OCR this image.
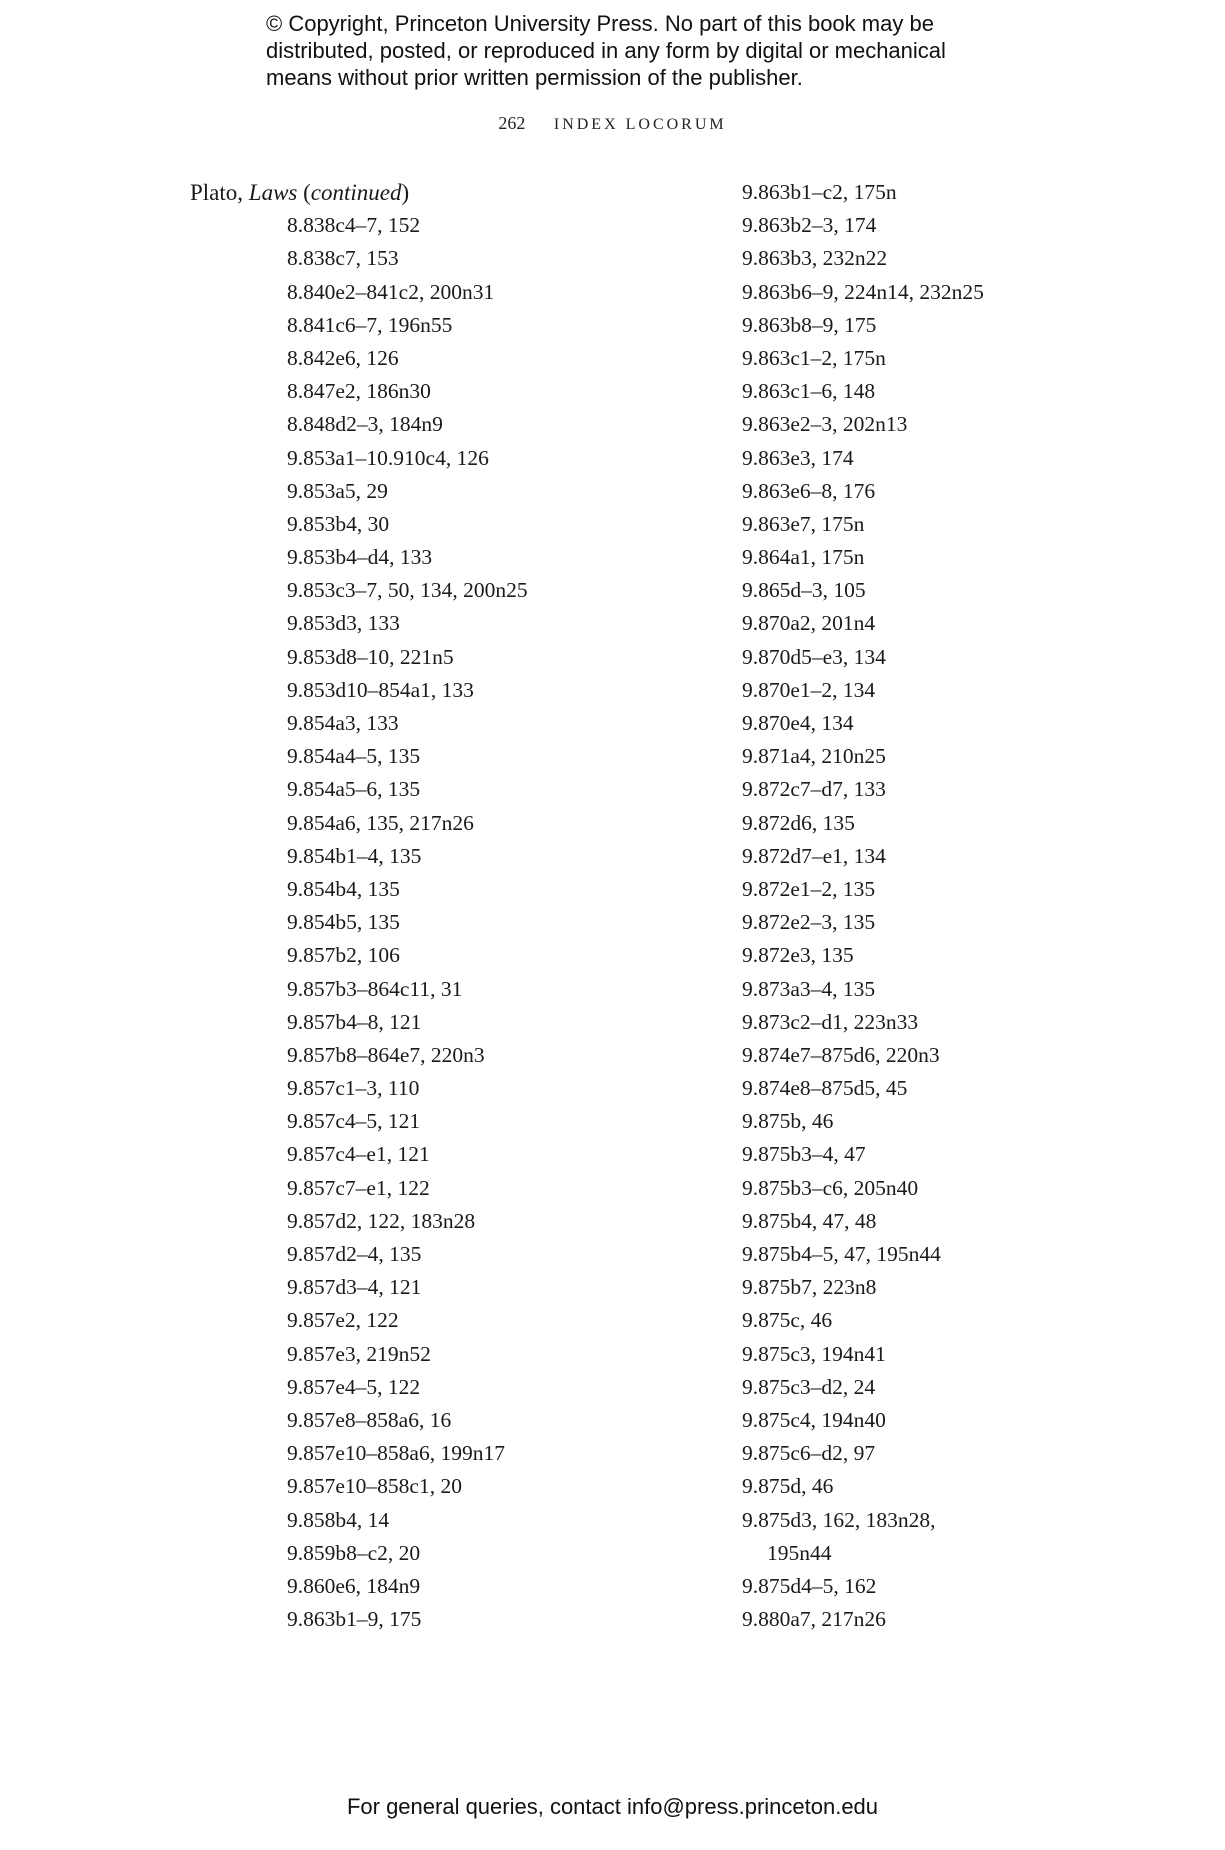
© Copyright, Princeton University Press. No part of this book may be
distributed, posted, or reproduced in any form by digital or mechanical
means without prior written permission of the publisher.
262 INDEX LOCORUM
Plato, Laws (continued)
8.838c4–7, 152
8.838c7, 153
8.840e2–841c2, 200n31
8.841c6–7, 196n55
8.842e6, 126
8.847e2, 186n30
8.848d2–3, 184n9
9.853a1–10.910c4, 126
9.853a5, 29
9.853b4, 30
9.853b4–d4, 133
9.853c3–7, 50, 134, 200n25
9.853d3, 133
9.853d8–10, 221n5
9.853d10–854a1, 133
9.854a3, 133
9.854a4–5, 135
9.854a5–6, 135
9.854a6, 135, 217n26
9.854b1–4, 135
9.854b4, 135
9.854b5, 135
9.857b2, 106
9.857b3–864c11, 31
9.857b4–8, 121
9.857b8–864e7, 220n3
9.857c1–3, 110
9.857c4–5, 121
9.857c4–e1, 121
9.857c7–e1, 122
9.857d2, 122, 183n28
9.857d2–4, 135
9.857d3–4, 121
9.857e2, 122
9.857e3, 219n52
9.857e4–5, 122
9.857e8–858a6, 16
9.857e10–858a6, 199n17
9.857e10–858c1, 20
9.858b4, 14
9.859b8–c2, 20
9.860e6, 184n9
9.863b1–9, 175
9.863b1–c2, 175n
9.863b2–3, 174
9.863b3, 232n22
9.863b6–9, 224n14, 232n25
9.863b8–9, 175
9.863c1–2, 175n
9.863c1–6, 148
9.863e2–3, 202n13
9.863e3, 174
9.863e6–8, 176
9.863e7, 175n
9.864a1, 175n
9.865d–3, 105
9.870a2, 201n4
9.870d5–e3, 134
9.870e1–2, 134
9.870e4, 134
9.871a4, 210n25
9.872c7–d7, 133
9.872d6, 135
9.872d7–e1, 134
9.872e1–2, 135
9.872e2–3, 135
9.872e3, 135
9.873a3–4, 135
9.873c2–d1, 223n33
9.874e7–875d6, 220n3
9.874e8–875d5, 45
9.875b, 46
9.875b3–4, 47
9.875b3–c6, 205n40
9.875b4, 47, 48
9.875b4–5, 47, 195n44
9.875b7, 223n8
9.875c, 46
9.875c3, 194n41
9.875c3–d2, 24
9.875c4, 194n40
9.875c6–d2, 97
9.875d, 46
9.875d3, 162, 183n28,
195n44
9.875d4–5, 162
9.880a7, 217n26
For general queries, contact info@press.princeton.edu
